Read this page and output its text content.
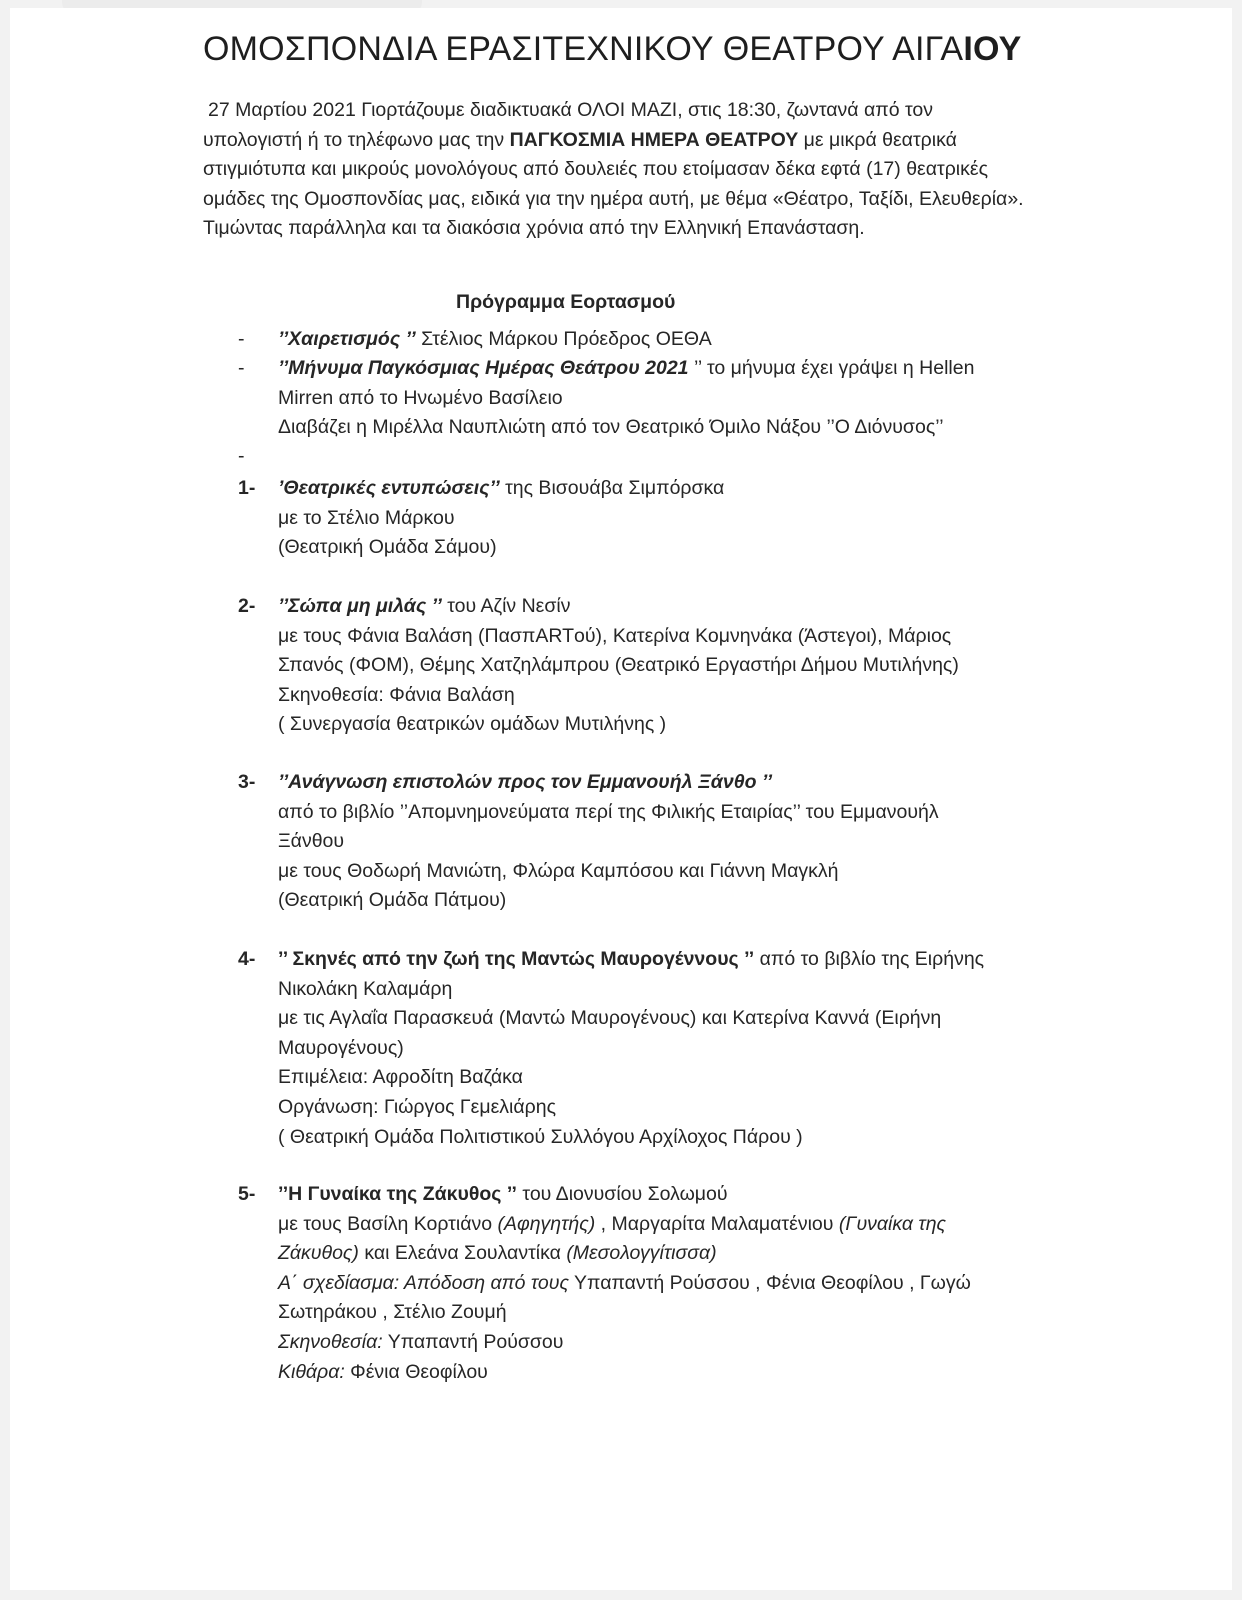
ΟΜΟΣΠΟΝΔΙΑ ΕΡΑΣΙΤΕΧΝΙΚΟΥ ΘΕΑΤΡΟΥ ΑΙΓΑΙΟΥ

27 Μαρτίου 2021 Γιορτάζουμε διαδικτυακά ΟΛΟΙ ΜΑΖΙ, στις 18:30, ζωντανά από τον υπολογιστή ή το τηλέφωνο μας την ΠΑΓΚΟΣΜΙΑ ΗΜΕΡΑ ΘΕΑΤΡΟΥ με μικρά θεατρικά στιγμιότυπα και μικρούς μονολόγους από δουλειές που ετοίμασαν δέκα εφτά (17) θεατρικές ομάδες της Ομοσπονδίας μας, ειδικά για την ημέρα αυτή, με θέμα «Θέατρο, Ταξίδι, Ελευθερία». Τιμώντας παράλληλα και τα διακόσια χρόνια από την Ελληνική Επανάσταση.

Πρόγραμμα Εορτασμού
- ’’Χαιρετισμός ’’ Στέλιος Μάρκου Πρόεδρος ΟΕΘΑ
- ’’Μήνυμα Παγκόσμιας Ημέρας Θεάτρου 2021 ’’ το μήνυμα έχει γράψει η Hellen
Mirren από το Ηνωμένο Βασίλειο
Διαβάζει η Μιρέλλα Ναυπλιώτη από τον Θεατρικό Όμιλο Νάξου ’’Ο Διόνυσος’’
-
1- ’Θεατρικές εντυπώσεις’’ της Βισουάβα Σιμπόρσκα
με το Στέλιο Μάρκου
(Θεατρική Ομάδα Σάμου)
2- ’’Σώπα μη μιλάς ’’ του Αζίν Νεσίν
με τους Φάνια Βαλάση (ΠασπARTού), Κατερίνα Κομνηνάκα (Άστεγοι), Μάριος
Σπανός (ΦΟΜ), Θέμης Χατζηλάμπρου (Θεατρικό Εργαστήρι Δήμου Μυτιλήνης)
Σκηνοθεσία: Φάνια Βαλάση
( Συνεργασία θεατρικών ομάδων Μυτιλήνης )
3- ’’Ανάγνωση επιστολών προς τον Εμμανουήλ Ξάνθο ’’
από το βιβλίο ’’Απομνημονεύματα περί της Φιλικής Εταιρίας’’ του Εμμανουήλ
Ξάνθου
με τους Θοδωρή Μανιώτη, Φλώρα Καμπόσου και Γιάννη Μαγκλή
(Θεατρική Ομάδα Πάτμου)
4- ’’ Σκηνές από την ζωή της Μαντώς Μαυρογέννους ’’ από το βιβλίο της Ειρήνης
Νικολάκη Καλαμάρη
με τις Αγλαΐα Παρασκευά (Μαντώ Μαυρογένους) και Κατερίνα Καννά (Ειρήνη
Μαυρογένους)
Επιμέλεια: Αφροδίτη Βαζάκα
Οργάνωση: Γιώργος Γεμελιάρης
( Θεατρική Ομάδα Πολιτιστικού Συλλόγου Αρχίλοχος Πάρου )
5- ’’Η Γυναίκα της Ζάκυθος ’’ του Διονυσίου Σολωμού
με τους Βασίλη Κορτιάνο (Αφηγητής) , Μαργαρίτα Μαλαματένιου (Γυναίκα της
Ζάκυθος) και Ελεάνα Σουλαντίκα (Μεσολογγίτισσα)
Α΄ σχεδίασμα: Απόδοση από τους Υπαπαντή Ρούσσου , Φένια Θεοφίλου , Γωγώ
Σωτηράκου , Στέλιο Ζουμή
Σκηνοθεσία: Υπαπαντή Ρούσσου
Κιθάρα: Φένια Θεοφίλου
